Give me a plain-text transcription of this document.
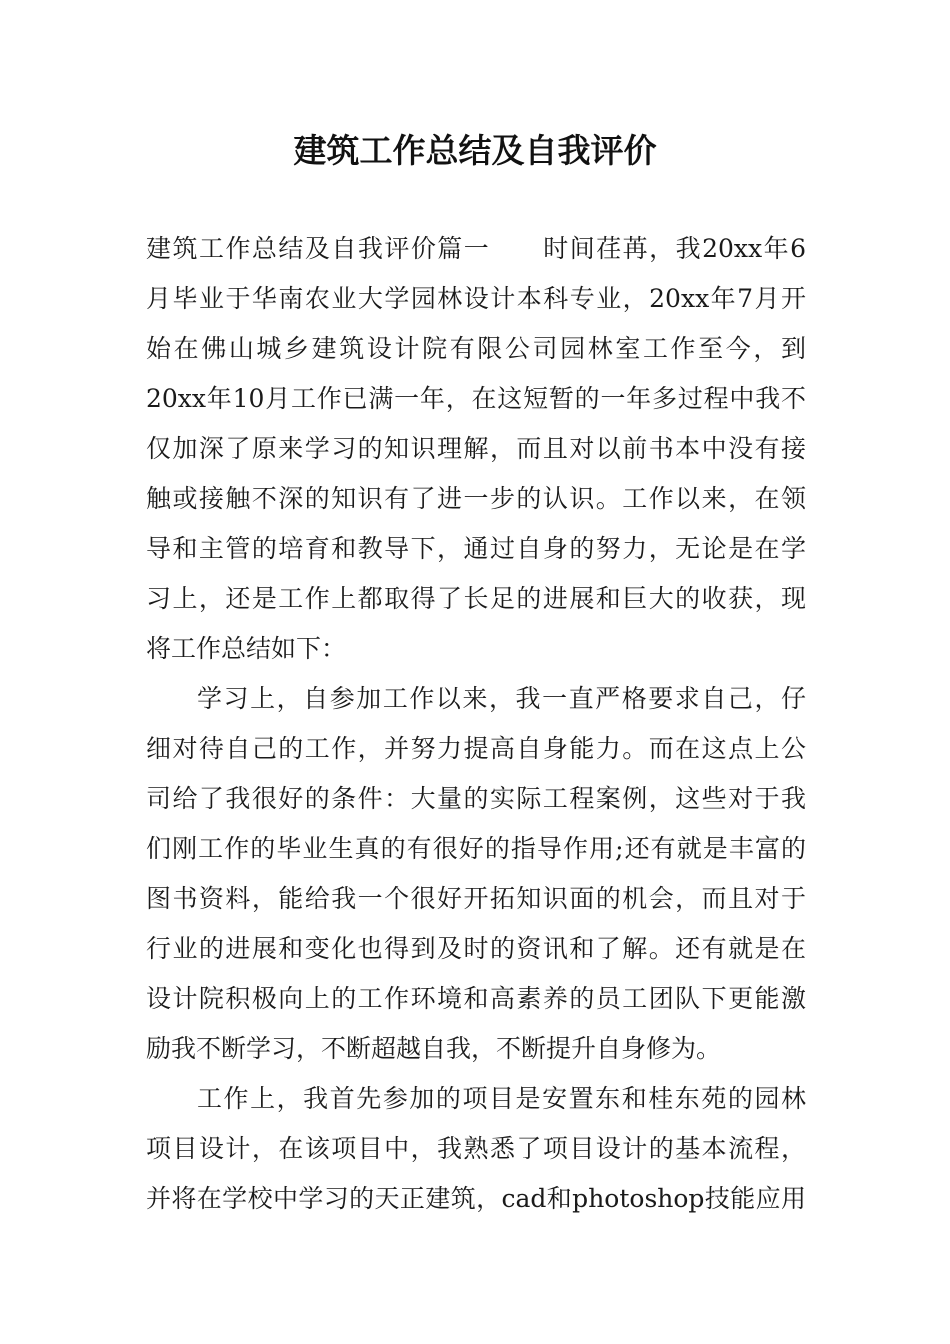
建筑工作总结及自我评价

建筑工作总结及自我评价篇一　　时间荏苒，我20xx年6

月毕业于华南农业大学园林设计本科专业，20xx年7月开

始在佛山城乡建筑设计院有限公司园林室工作至今，到

20xx年10月工作已满一年，在这短暂的一年多过程中我不

仅加深了原来学习的知识理解，而且对以前书本中没有接

触或接触不深的知识有了进一步的认识。工作以来，在领

导和主管的培育和教导下，通过自身的努力，无论是在学

习上，还是工作上都取得了长足的进展和巨大的收获，现

将工作总结如下：

学习上，自参加工作以来，我一直严格要求自己，仔

细对待自己的工作，并努力提高自身能力。而在这点上公

司给了我很好的条件：大量的实际工程案例，这些对于我

们刚工作的毕业生真的有很好的指导作用;还有就是丰富的

图书资料，能给我一个很好开拓知识面的机会，而且对于

行业的进展和变化也得到及时的资讯和了解。还有就是在

设计院积极向上的工作环境和高素养的员工团队下更能激

励我不断学习，不断超越自我，不断提升自身修为。

工作上，我首先参加的项目是安置东和桂东苑的园林

项目设计，在该项目中，我熟悉了项目设计的基本流程，

并将在学校中学习的天正建筑，cad和photoshop技能应用
